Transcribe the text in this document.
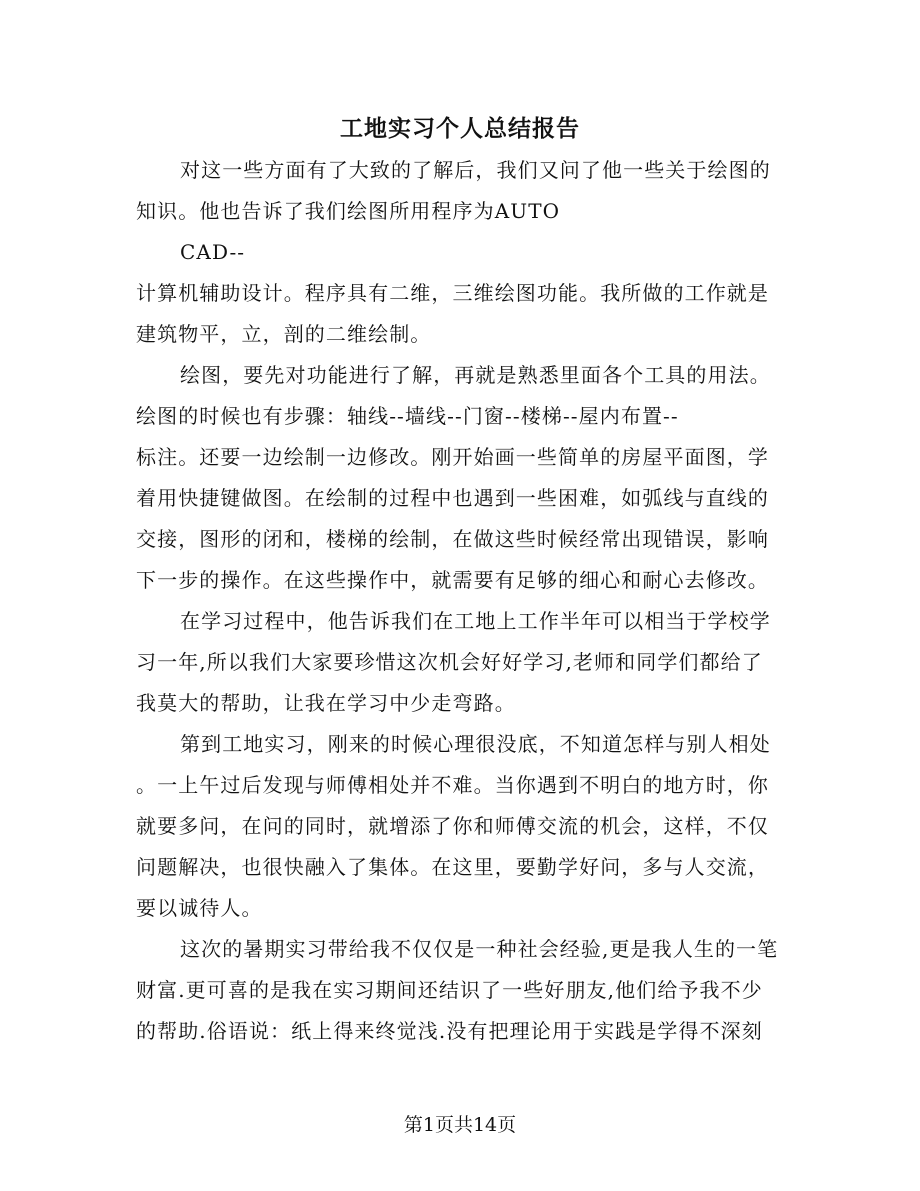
工地实习个人总结报告
对这一些方面有了大致的了解后，我们又问了他一些关于绘图的
知识。他也告诉了我们绘图所用程序为AUTO
CAD--
计算机辅助设计。程序具有二维，三维绘图功能。我所做的工作就是
建筑物平，立，剖的二维绘制。
绘图，要先对功能进行了解，再就是熟悉里面各个工具的用法。
绘图的时候也有步骤：轴线--墙线--门窗--楼梯--屋内布置--
标注。还要一边绘制一边修改。刚开始画一些简单的房屋平面图，学
着用快捷键做图。在绘制的过程中也遇到一些困难，如弧线与直线的
交接，图形的闭和，楼梯的绘制，在做这些时候经常出现错误，影响
下一步的操作。在这些操作中，就需要有足够的细心和耐心去修改。
在学习过程中，他告诉我们在工地上工作半年可以相当于学校学
习一年,所以我们大家要珍惜这次机会好好学习,老师和同学们都给了
我莫大的帮助，让我在学习中少走弯路。
第到工地实习，刚来的时候心理很没底，不知道怎样与别人相处
。一上午过后发现与师傅相处并不难。当你遇到不明白的地方时，你
就要多问，在问的同时，就增添了你和师傅交流的机会，这样，不仅
问题解决，也很快融入了集体。在这里，要勤学好问，多与人交流，
要以诚待人。
这次的暑期实习带给我不仅仅是一种社会经验,更是我人生的一笔
财富.更可喜的是我在实习期间还结识了一些好朋友,他们给予我不少
的帮助.俗语说：纸上得来终觉浅.没有把理论用于实践是学得不深刻
第1页共14页
